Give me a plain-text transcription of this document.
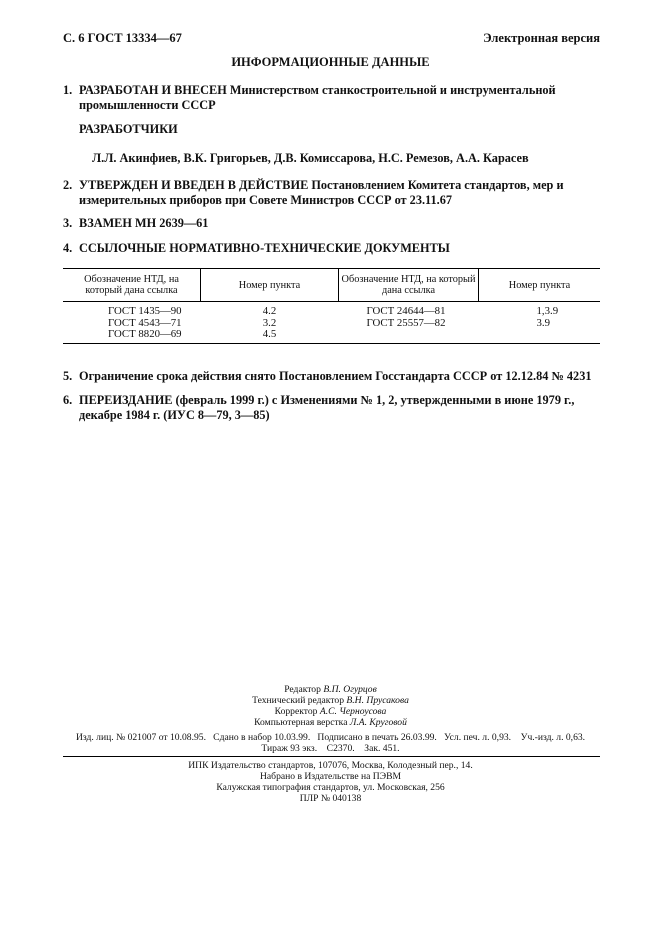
С. 6 ГОСТ 13334—67	Электронная версия
ИНФОРМАЦИОННЫЕ ДАННЫЕ
1. РАЗРАБОТАН И ВНЕСЕН Министерством станкостроительной и инструментальной промышленности СССР
РАЗРАБОТЧИКИ
Л.Л. Акинфиев, В.К. Григорьев, Д.В. Комиссарова, Н.С. Ремезов, А.А. Карасев
2. УТВЕРЖДЕН И ВВЕДЕН В ДЕЙСТВИЕ Постановлением Комитета стандартов, мер и измерительных приборов при Совете Министров СССР от 23.11.67
3. ВЗАМЕН МН 2639—61
4. ССЫЛОЧНЫЕ НОРМАТИВНО-ТЕХНИЧЕСКИЕ ДОКУМЕНТЫ
Обозначение НТД, на который дана ссылка	Номер пункта	Обозначение НТД, на который дана ссылка	Номер пункта
ГОСТ 1435—90	4.2	ГОСТ 24644—81	1,3.9
ГОСТ 4543—71	3.2	ГОСТ 25557—82	3.9
ГОСТ 8820—69	4.5		
5. Ограничение срока действия снято Постановлением Госстандарта СССР от 12.12.84 № 4231
6. ПЕРЕИЗДАНИЕ (февраль 1999 г.) с Изменениями № 1, 2, утвержденными в июне 1979 г., декабре 1984 г. (ИУС 8—79, 3—85)
Редактор В.П. Огурцов
Технический редактор В.Н. Прусакова
Корректор А.С. Черноусова
Компьютерная верстка Л.А. Круговой
Изд. лиц. № 021007 от 10.08.95.   Сдано в набор 10.03.99.   Подписано в печать 26.03.99.   Усл. печ. л. 0,93.    Уч.-изд. л. 0,63.
Тираж 93 экз.    С2370.    Зак. 451.
ИПК Издательство стандартов, 107076, Москва, Колодезный пер., 14.
Набрано в Издательстве на ПЭВМ
Калужская типография стандартов, ул. Московская, 256
ПЛР № 040138
